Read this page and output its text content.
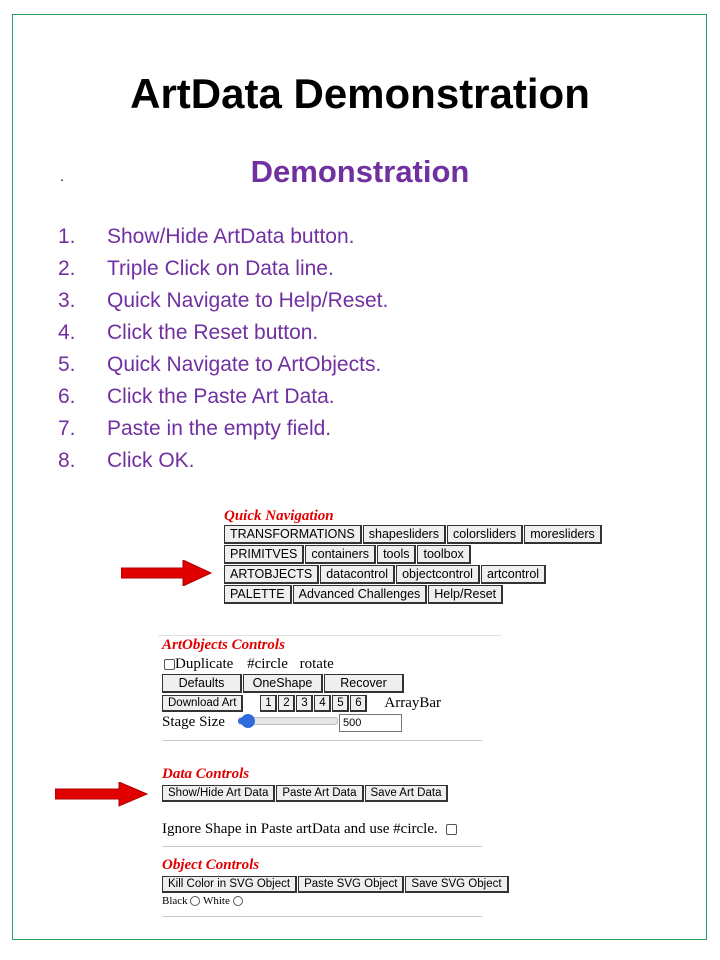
ArtData Demonstration
.	Demonstration
1.	Show/Hide ArtData button.
2.	Triple Click on Data line.
3.	Quick Navigate to Help/Reset.
4.	Click the Reset button.
5.	Quick Navigate to ArtObjects.
6.	Click the Paste Art Data.
7.	Paste in the empty field.
8.	Click OK.
Quick Navigation
TRANSFORMATIONS shapesliders colorsliders moresliders
PRIMITVES containers tools toolbox
ARTOBJECTS datacontrol objectcontrol artcontrol
PALETTE Advanced Challenges Help/Reset
ArtObjects Controls
Duplicate #circle rotate
Defaults OneShape Recover
Download Art	1 2 3 4 5 6 ArrayBar
Stage Size	500
Data Controls
Show/Hide Art Data Paste Art Data Save Art Data
Ignore Shape in Paste artData and use #circle.
Object Controls
Kill Color in SVG Object Paste SVG Object Save SVG Object
Black White
